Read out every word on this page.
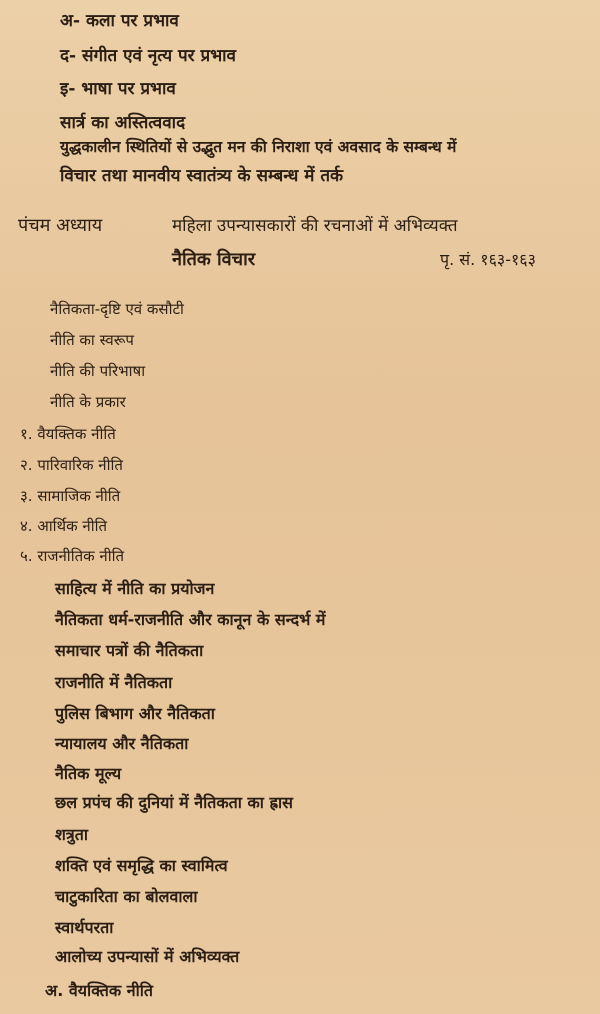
अ- कला पर प्रभाव
द- संगीत एवं नृत्य पर प्रभाव
इ- भाषा पर प्रभाव
सार्त्र का अस्तित्ववाद
युद्धकालीन स्थितियों से उद्भुत मन की निराशा एवं अवसाद के सम्बन्ध में
विचार तथा मानवीय स्वातंत्र्य के सम्बन्ध में तर्क
पंचम अध्याय	महिला उपन्यासकारों की रचनाओं में अभिव्यक्त
नैतिक विचार	पृ. सं. १६३-१६३
नैतिकता-दृष्टि एवं कसौटी
नीति का स्वरूप
नीति की परिभाषा
नीति के प्रकार
१. वैयक्तिक नीति
२. पारिवारिक नीति
३. सामाजिक नीति
४. आर्थिक नीति
५. राजनीतिक नीति
साहित्य में नीति का प्रयोजन
नैतिकता धर्म-राजनीति और कानून के सन्दर्भ में
समाचार पत्रों की नैतिकता
राजनीति में नैतिकता
पुलिस बिभाग और नैतिकता
न्यायालय और नैतिकता
नैतिक मूल्य
छल प्रपंच की दुनियां में नैतिकता का ह्रास
शत्रुता
शक्ति एवं समृद्धि का स्वामित्व
चाटुकारिता का बोलवाला
स्वार्थपरता
आलोच्य उपन्यासों में अभिव्यक्त
अ. वैयक्तिक नीति
